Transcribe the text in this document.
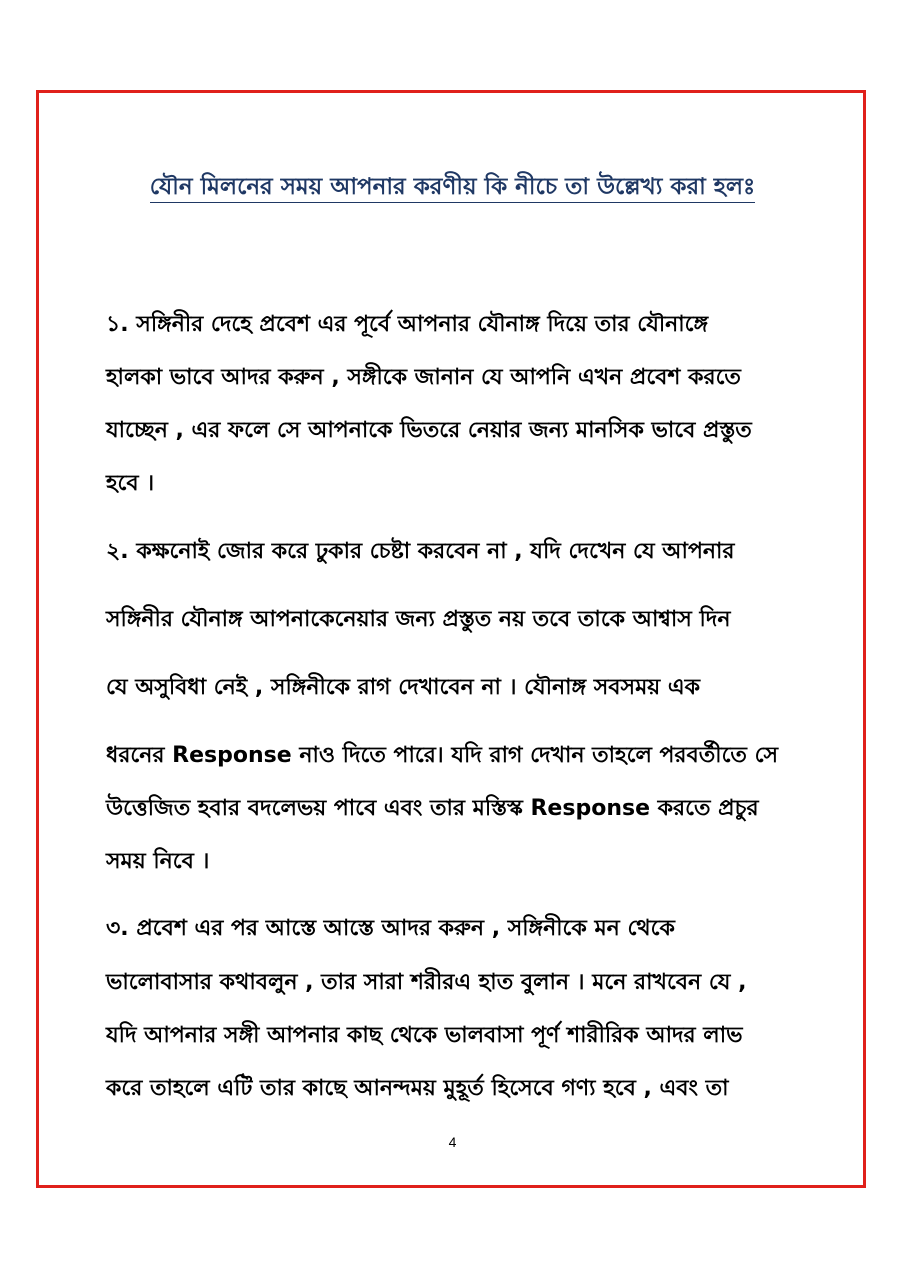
যৌন মিলনের সময় আপনার করণীয় কি নীচে তা উল্লেখ্য করা হলঃ
১. সঙ্গিনীর দেহে প্রবেশ এর পূর্বে আপনার যৌনাঙ্গ দিয়ে তার যৌনাঙ্গে
হালকা ভাবে আদর করুন , সঙ্গীকে জানান যে আপনি এখন প্রবেশ করতে
যাচ্ছেন , এর ফলে সে আপনাকে ভিতরে নেয়ার জন্য মানসিক ভাবে প্রস্তুত
হবে ।
২. কক্ষনোই জোর করে ঢুকার চেষ্টা করবেন না , যদি দেখেন যে আপনার
সঙ্গিনীর যৌনাঙ্গ আপনাকেনেয়ার জন্য প্রস্তুত নয় তবে তাকে আশ্বাস দিন
যে অসুবিধা নেই , সঙ্গিনীকে রাগ দেখাবেন না । যৌনাঙ্গ সবসময় এক
ধরনের Response নাও দিতে পারে। যদি রাগ দেখান তাহলে পরবর্তীতে সে
উত্তেজিত হবার বদলেভয় পাবে এবং তার মস্তিস্ক Response করতে প্রচুর
সময় নিবে ।
৩. প্রবেশ এর পর আস্তে আস্তে আদর করুন , সঙ্গিনীকে মন থেকে
ভালোবাসার কথাবলুন , তার সারা শরীরএ হাত বুলান । মনে রাখবেন যে ,
যদি আপনার সঙ্গী আপনার কাছ থেকে ভালবাসা পূর্ণ শারীরিক আদর লাভ
করে তাহলে এটি তার কাছে আনন্দময় মুহূর্ত হিসেবে গণ্য হবে , এবং তা
4
